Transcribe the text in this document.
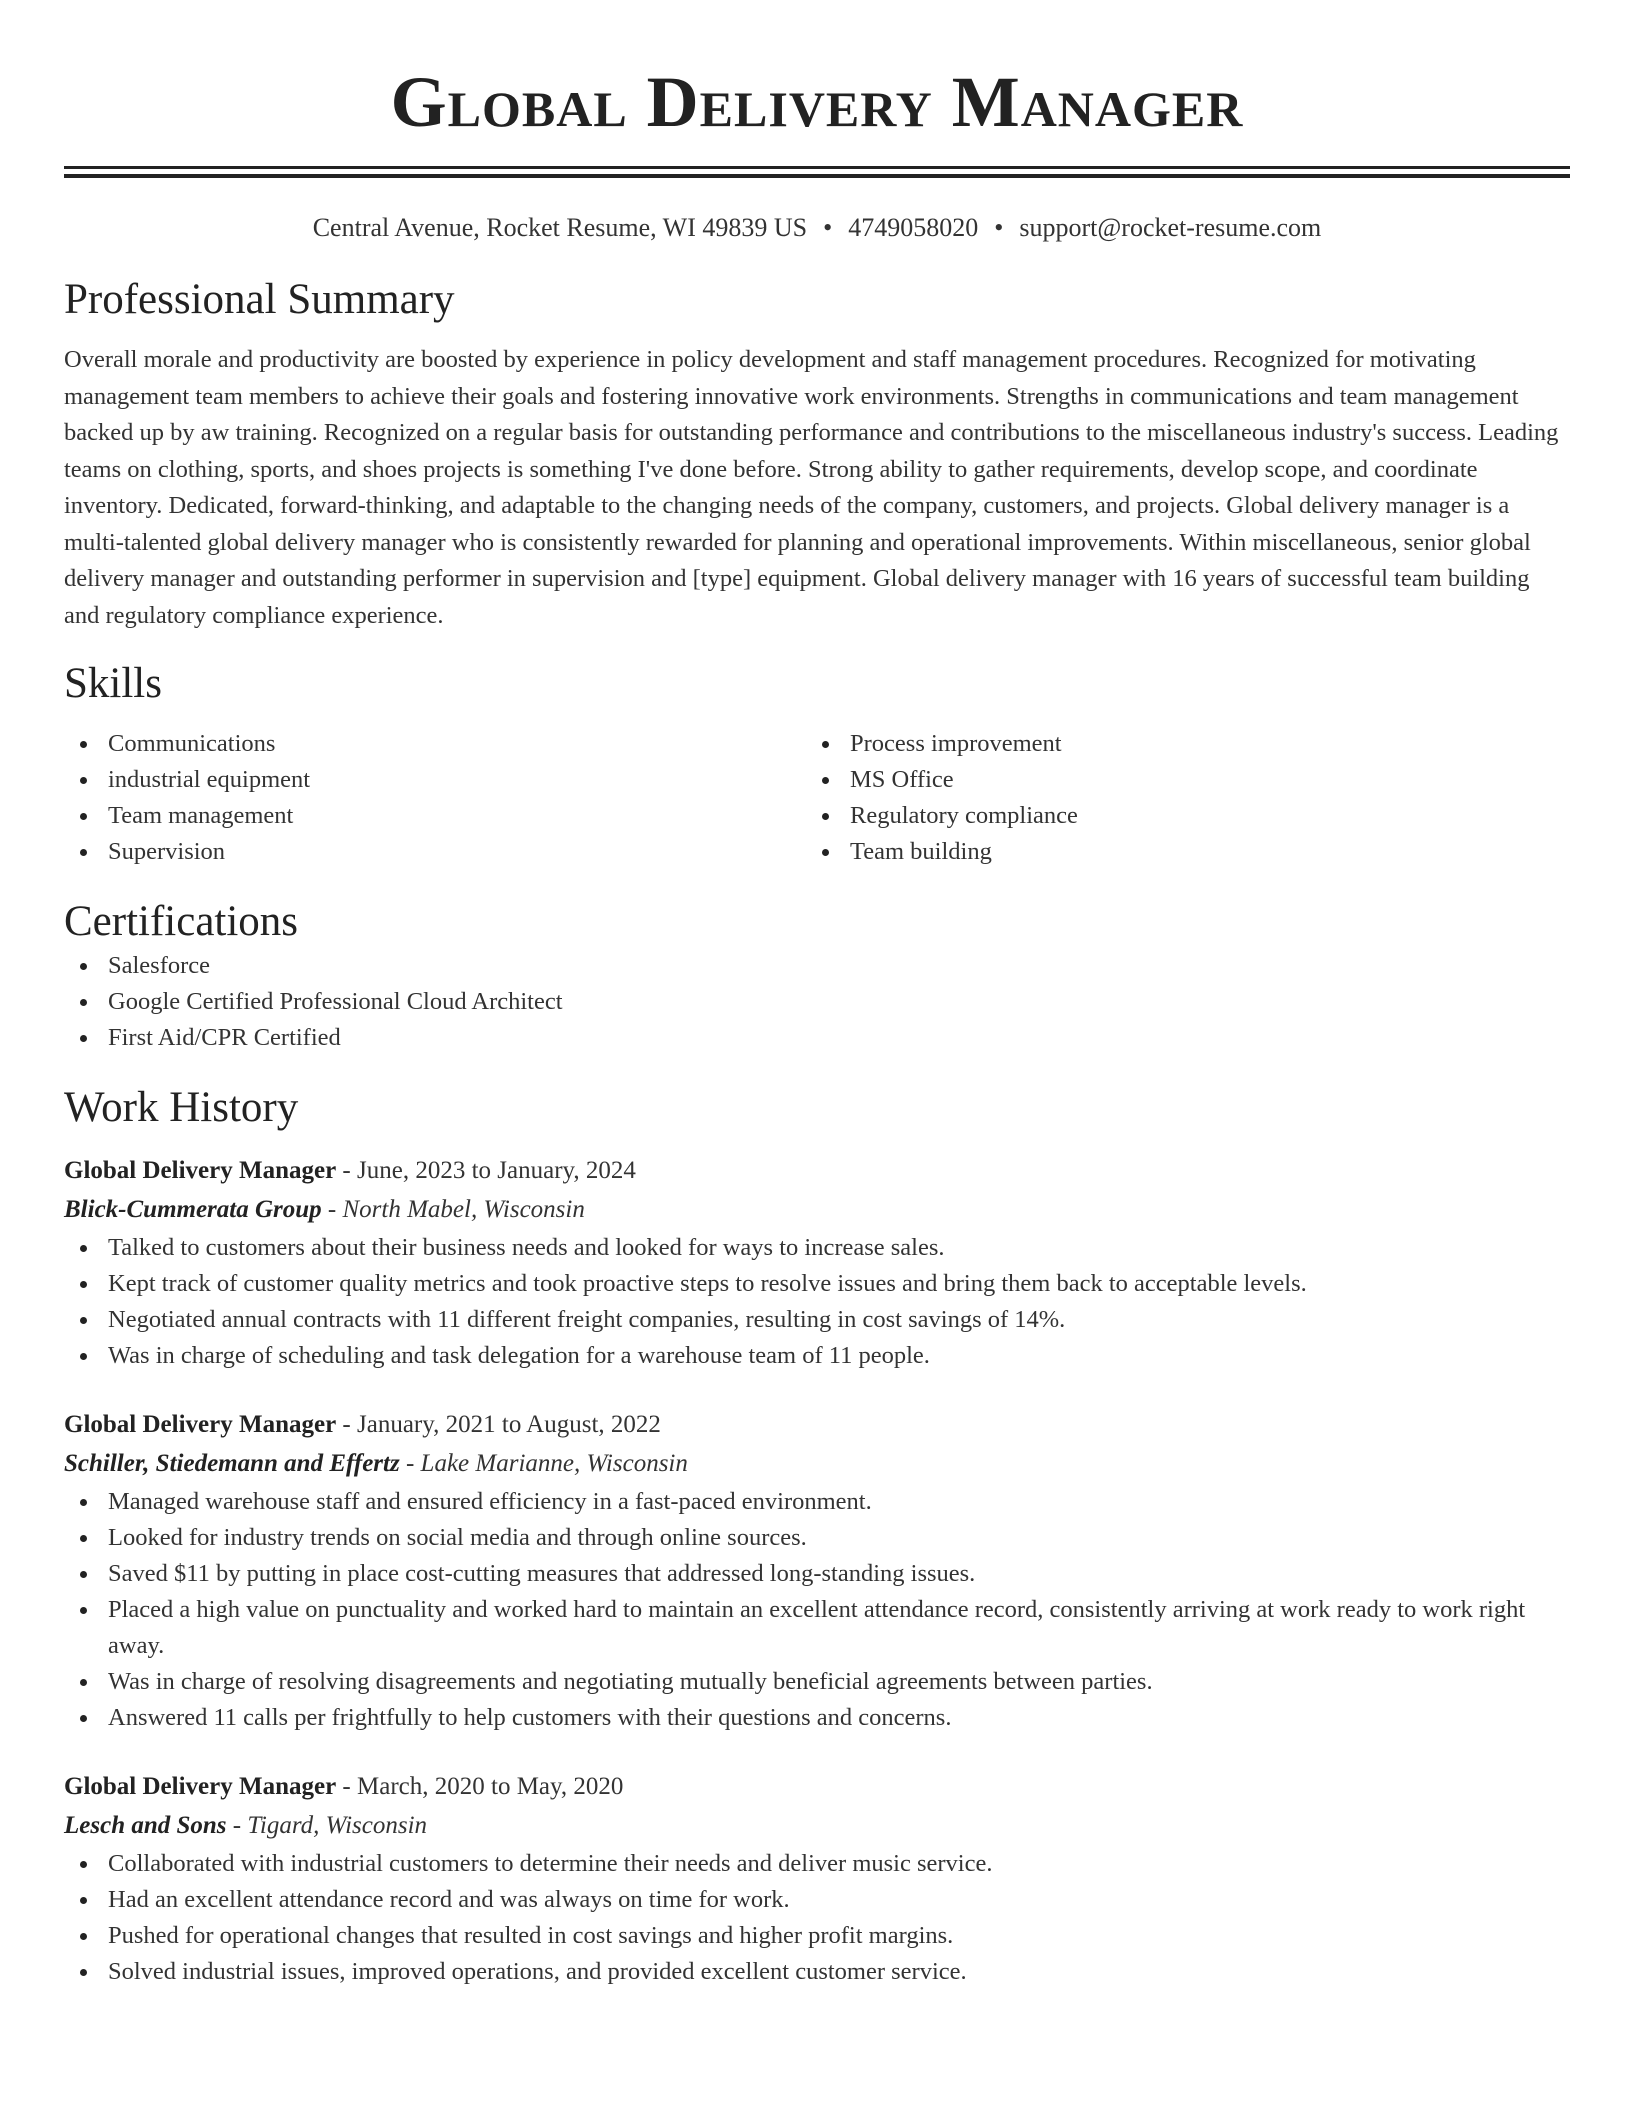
Global Delivery Manager
Central Avenue, Rocket Resume, WI 49839 US • 4749058020 • support@rocket-resume.com
Professional Summary
Overall morale and productivity are boosted by experience in policy development and staff management procedures. Recognized for motivating management team members to achieve their goals and fostering innovative work environments. Strengths in communications and team management backed up by aw training. Recognized on a regular basis for outstanding performance and contributions to the miscellaneous industry's success. Leading teams on clothing, sports, and shoes projects is something I've done before. Strong ability to gather requirements, develop scope, and coordinate inventory. Dedicated, forward-thinking, and adaptable to the changing needs of the company, customers, and projects. Global delivery manager is a multi-talented global delivery manager who is consistently rewarded for planning and operational improvements. Within miscellaneous, senior global delivery manager and outstanding performer in supervision and [type] equipment. Global delivery manager with 16 years of successful team building and regulatory compliance experience.
Skills
Communications
industrial equipment
Team management
Supervision
Process improvement
MS Office
Regulatory compliance
Team building
Certifications
Salesforce
Google Certified Professional Cloud Architect
First Aid/CPR Certified
Work History
Global Delivery Manager - June, 2023 to January, 2024
Blick-Cummerata Group - North Mabel, Wisconsin
Talked to customers about their business needs and looked for ways to increase sales.
Kept track of customer quality metrics and took proactive steps to resolve issues and bring them back to acceptable levels.
Negotiated annual contracts with 11 different freight companies, resulting in cost savings of 14%.
Was in charge of scheduling and task delegation for a warehouse team of 11 people.
Global Delivery Manager - January, 2021 to August, 2022
Schiller, Stiedemann and Effertz - Lake Marianne, Wisconsin
Managed warehouse staff and ensured efficiency in a fast-paced environment.
Looked for industry trends on social media and through online sources.
Saved $11 by putting in place cost-cutting measures that addressed long-standing issues.
Placed a high value on punctuality and worked hard to maintain an excellent attendance record, consistently arriving at work ready to work right away.
Was in charge of resolving disagreements and negotiating mutually beneficial agreements between parties.
Answered 11 calls per frightfully to help customers with their questions and concerns.
Global Delivery Manager - March, 2020 to May, 2020
Lesch and Sons - Tigard, Wisconsin
Collaborated with industrial customers to determine their needs and deliver music service.
Had an excellent attendance record and was always on time for work.
Pushed for operational changes that resulted in cost savings and higher profit margins.
Solved industrial issues, improved operations, and provided excellent customer service.
